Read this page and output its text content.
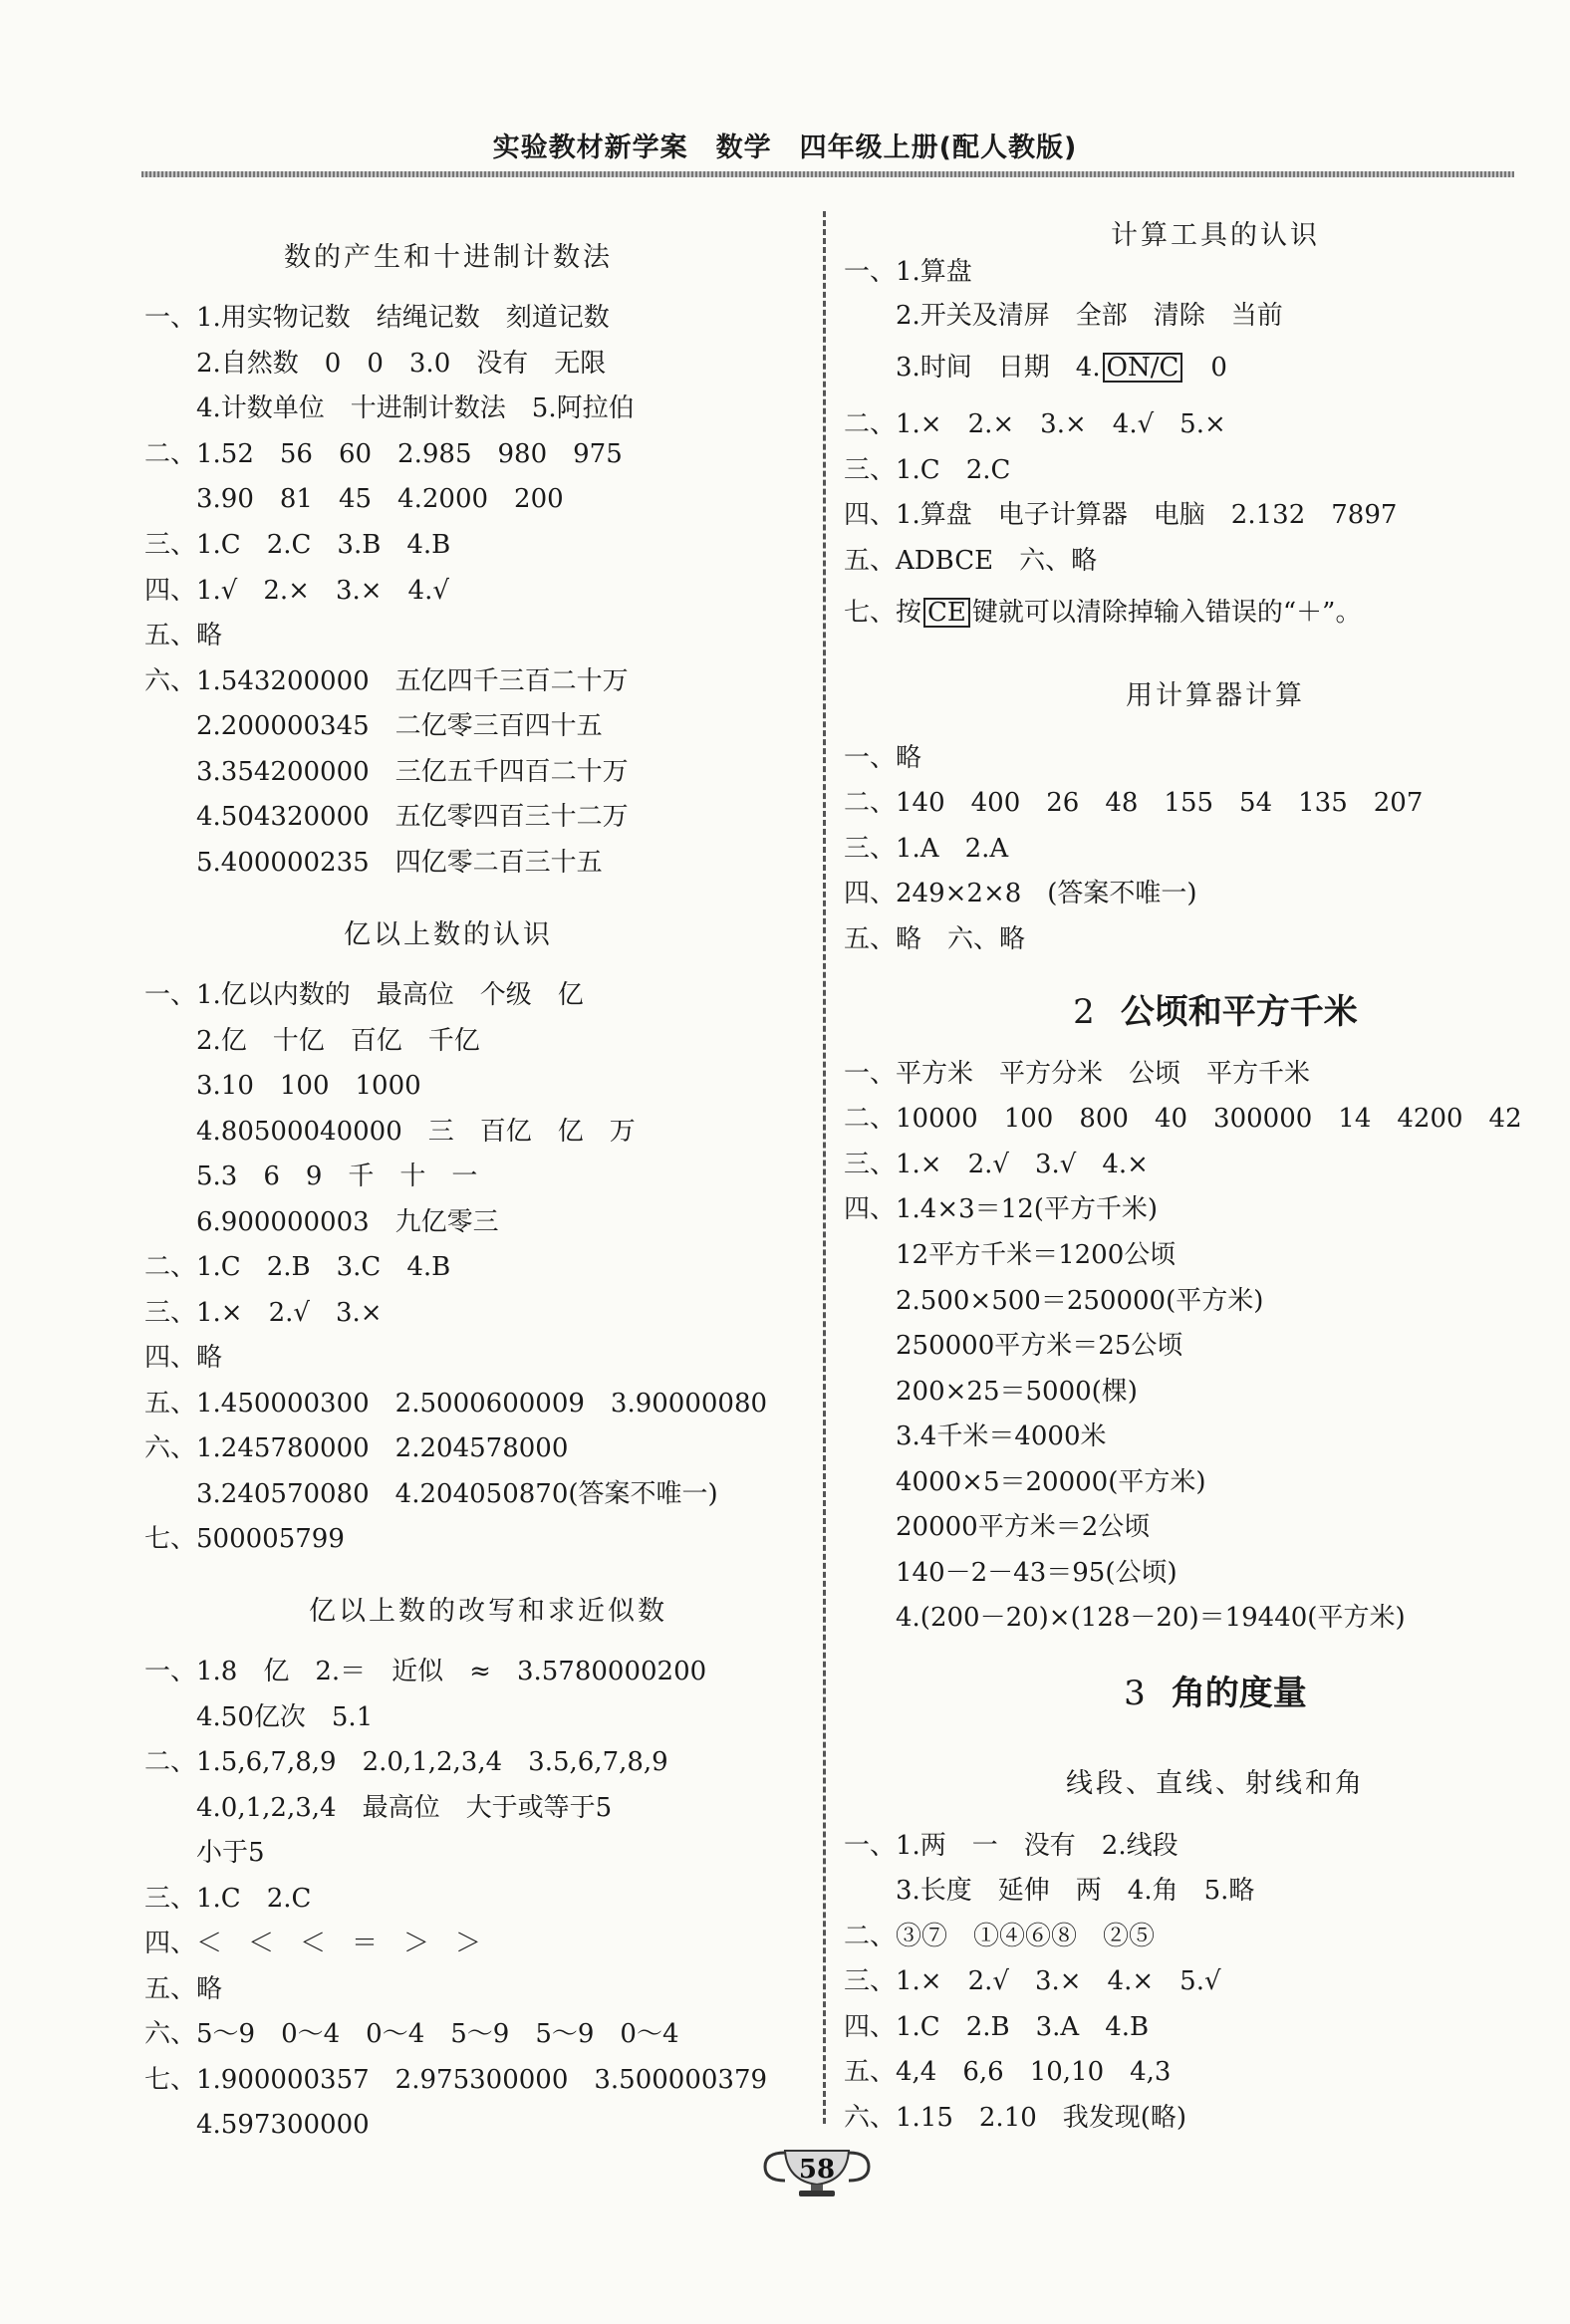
实验教材新学案　数学　四年级上册(配人教版)
数的产生和十进制计数法
一、1.用实物记数　结绳记数　刻道记数
　　2.自然数　0　0　3.0　没有　无限
　　4.计数单位　十进制计数法　5.阿拉伯
二、1.52　56　60　2.985　980　975
　　3.90　81　45　4.2000　200
三、1.C　2.C　3.B　4.B
四、1.√　2.×　3.×　4.√
五、略
六、1.543200000　五亿四千三百二十万
　　2.200000345　二亿零三百四十五
　　3.354200000　三亿五千四百二十万
　　4.504320000　五亿零四百三十二万
　　5.400000235　四亿零二百三十五
亿以上数的认识
一、1.亿以内数的　最高位　个级　亿
　　2.亿　十亿　百亿　千亿
　　3.10　100　1000
　　4.80500040000　三　百亿　亿　万
　　5.3　6　9　千　十　一
　　6.900000003　九亿零三
二、1.C　2.B　3.C　4.B
三、1.×　2.√　3.×
四、略
五、1.450000300　2.5000600009　3.90000080
六、1.245780000　2.204578000
　　3.240570080　4.204050870(答案不唯一)
七、500005799
亿以上数的改写和求近似数
一、1.8　亿　2.＝　近似　≈　3.5780000200
　　4.50亿次　5.1
二、1.5,6,7,8,9　2.0,1,2,3,4　3.5,6,7,8,9
　　4.0,1,2,3,4　最高位　大于或等于5
　　小于5
三、1.C　2.C
四、＜　＜　＜　＝　＞　＞
五、略
六、5～9　0～4　0～4　5～9　5～9　0～4
七、1.900000357　2.975300000　3.500000379
　　4.597300000
计算工具的认识
一、1.算盘
　　2.开关及清屏　全部　清除　当前
　　3.时间　日期　4. ON/C　0
二、1.×　2.×　3.×　4.√　5.×
三、1.C　2.C
四、1.算盘　电子计算器　电脑　2.132　7897
五、ADBCE　六、略
七、按 CE 键就可以清除掉输入错误的“＋”。
用计算器计算
一、略
二、140　400　26　48　155　54　135　207
三、1.A　2.A
四、249×2×8　(答案不唯一)
五、略　六、略
2 公顷和平方千米
一、平方米　平方分米　公顷　平方千米
二、10000　100　800　40　300000　14　4200　42
三、1.×　2.√　3.√　4.×
四、1.4×3＝12(平方千米)
　　12平方千米＝1200公顷
　　2.500×500＝250000(平方米)
　　250000平方米＝25公顷
　　200×25＝5000(棵)
　　3.4千米＝4000米
　　4000×5＝20000(平方米)
　　20000平方米＝2公顷
　　140－2－43＝95(公顷)
　　4.(200－20)×(128－20)＝19440(平方米)
3 角的度量
线段、直线、射线和角
一、1.两　一　没有　2.线段
　　3.长度　延伸　两　4.角　5.略
二、③⑦　①④⑥⑧　②⑤
三、1.×　2.√　3.×　4.×　5.√
四、1.C　2.B　3.A　4.B
五、4,4　6,6　10,10　4,3
六、1.15　2.10　我发现(略)
58
